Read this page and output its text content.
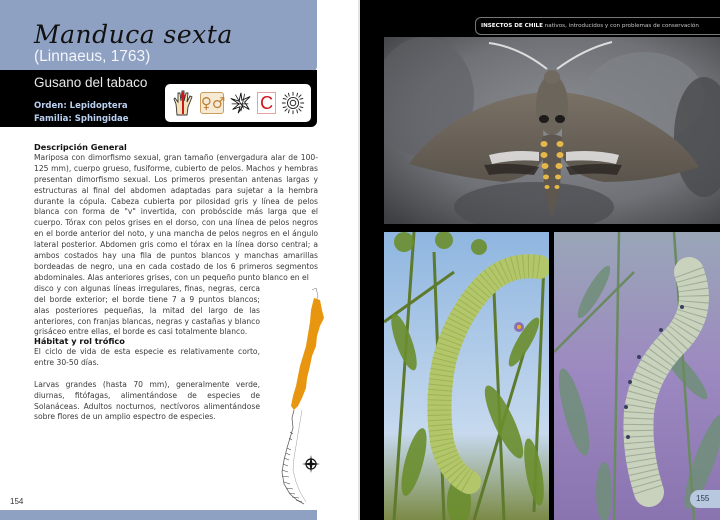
Manduca sexta
(Linnaeus, 1763)
Gusano del tabaco
Orden: Lepidoptera
Familia: Sphingidae
♀♂ C
Descripción General

Mariposa con dimorfismo sexual, gran tamaño (envergadura alar de 100-125 mm), cuerpo grueso, fusiforme, cubierto de pelos. Machos y hembras presentan dimorfismo sexual. Los primeros presentan antenas largas y estructuras al final del abdomen adaptadas para sujetar a la hembra durante la cópula. Cabeza cubierta por pilosidad gris y línea de pelos blanca con forma de "v" invertida, con probóscide más larga que el cuerpo. Tórax con pelos grises en el dorso, con una línea de pelos negros en el borde anterior del noto, y una mancha de pelos negros en el ángulo lateral posterior. Abdomen gris como el tórax en la línea dorso central; a ambos costados hay una fila de puntos blancos y manchas amarillas bordeadas de negro, una en cada costado de los 6 primeros segmentos abdominales. Alas anteriores grises, con un pequeño punto blanco en el

disco y con algunas líneas irregulares, finas, negras, cerca del borde exterior; el borde tiene 7 a 9 puntos blancos; alas posteriores pequeñas, la mitad del largo de las anteriores, con franjas blancas, negras y castañas y blanco grisáceo entre ellas, el borde es casi totalmente blanco.

Hábitat y rol trófico

El ciclo de vida de esta especie es relativamente corto, entre 30-50 días.

Larvas grandes (hasta 70 mm), generalmente verde, diurnas, fitófagas, alimentándose de especies de Solanáceas. Adultos nocturnos, nectívoros alimentándose sobre flores de un amplio espectro de especies.

154
INSECTOS DE CHILE nativos, introducidos y con problemas de conservación
155
